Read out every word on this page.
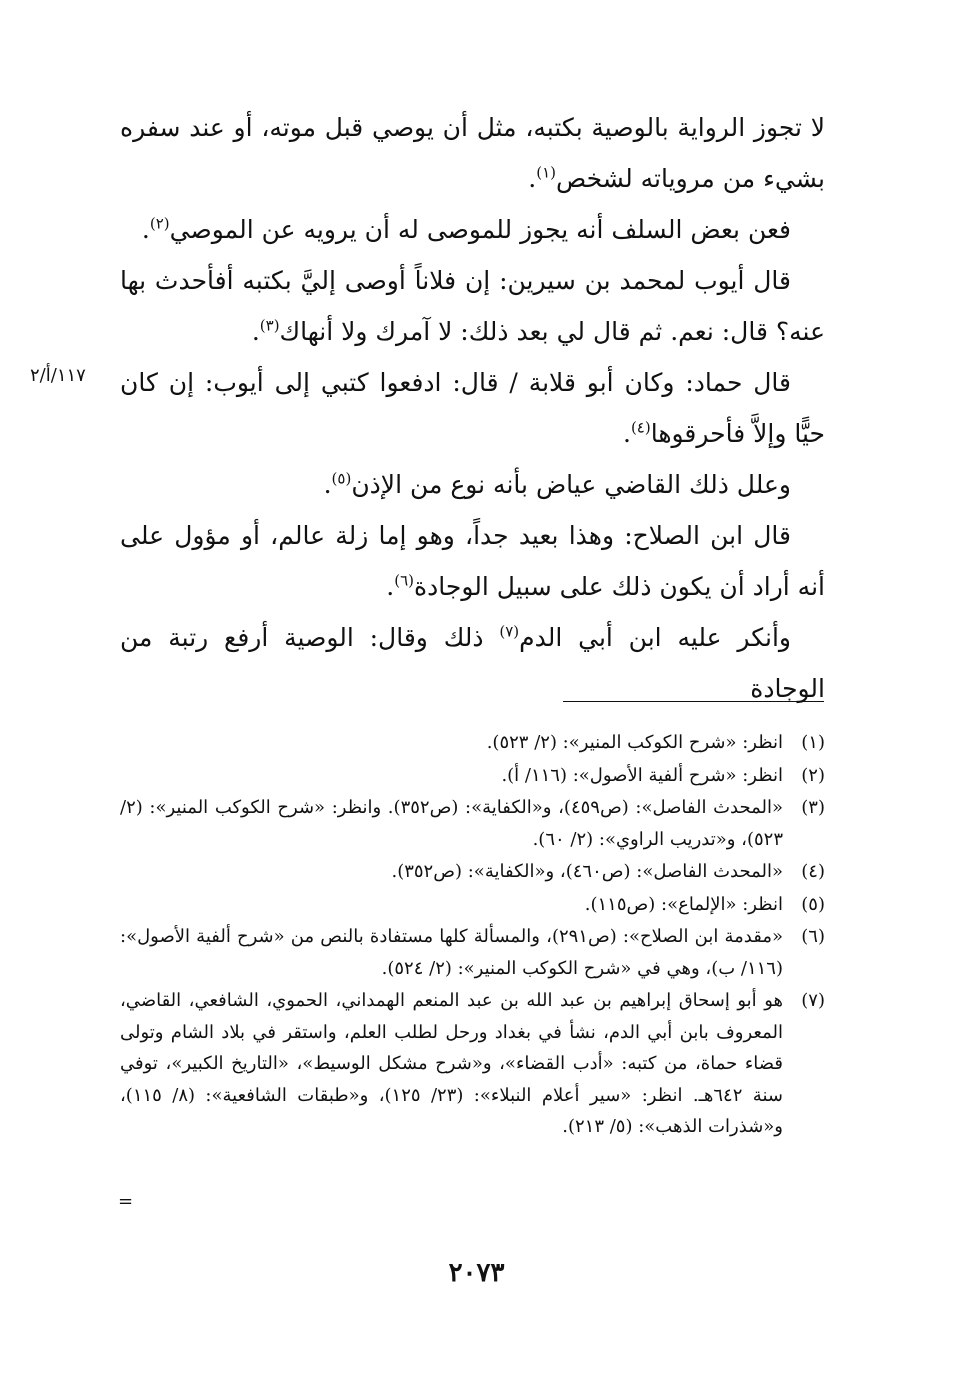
لا تجوز الرواية بالوصية بكتبه، مثل أن يوصي قبل موته، أو عند سفره بشيء من مروياته لشخص$^{(١)}$.

فعن بعض السلف أنه يجوز للموصى له أن يرويه عن الموصي$^{(٢)}$.

قال أيوب لمحمد بن سيرين: إن فلاناً أوصى إليَّ بكتبه أفأحدث بها عنه؟ قال: نعم. ثم قال لي بعد ذلك: لا آمرك ولا أنهاك$^{(٣)}$.

قال حماد: وكان أبو قلابة / قال: ادفعوا كتبي إلى أيوب: إن كان حيًّا وإلاَّ فأحرقوها$^{(٤)}$.

وعلل ذلك القاضي عياض بأنه نوع من الإذن$^{(٥)}$.

قال ابن الصلاح: وهذا بعيد جداً، وهو إما زلة عالم، أو مؤول على أنه أراد أن يكون ذلك على سبيل الوجادة$^{(٦)}$.

وأنكر عليه ابن أبي الدم$^{(٧)}$ ذلك وقال: الوصية أرفع رتبة من الوجادة

١١٧/أ/٢
(١)
انظر: «شرح الكوكب المنير»: (٢/ ٥٢٣).
(٢)
انظر: «شرح ألفية الأصول»: (١١٦/ أ).
(٣)
«المحدث الفاصل»: (ص٤٥٩)، و«الكفاية»: (ص٣٥٢). وانظر: «شرح الكوكب المنير»: (٢/ ٥٢٣)، و«تدريب الراوي»: (٢/ ٦٠).
(٤)
«المحدث الفاصل»: (ص٤٦٠)، و«الكفاية»: (ص٣٥٢).
(٥)
انظر: «الإلماع»: (ص١١٥).
(٦)
«مقدمة ابن الصلاح»: (ص٢٩١)، والمسألة كلها مستفادة بالنص من «شرح ألفية الأصول»: (١١٦/ ب)، وهي في «شرح الكوكب المنير»: (٢/ ٥٢٤).
(٧)
هو أبو إسحاق إبراهيم بن عبد الله بن عبد المنعم الهمداني، الحموي، الشافعي، القاضي، المعروف بابن أبي الدم، نشأ في بغداد ورحل لطلب العلم، واستقر في بلاد الشام وتولى قضاء حماة، من كتبه: «أدب القضاء»، و«شرح مشكل الوسيط»، «التاريخ الكبير»، توفي سنة ٦٤٢هـ. انظر: «سير أعلام النبلاء»: (٢٣/ ١٢٥)، و«طبقات الشافعية»: (٨/ ١١٥)، و«شذرات الذهب»: (٥/ ٢١٣).
=
٢٠٧٣
